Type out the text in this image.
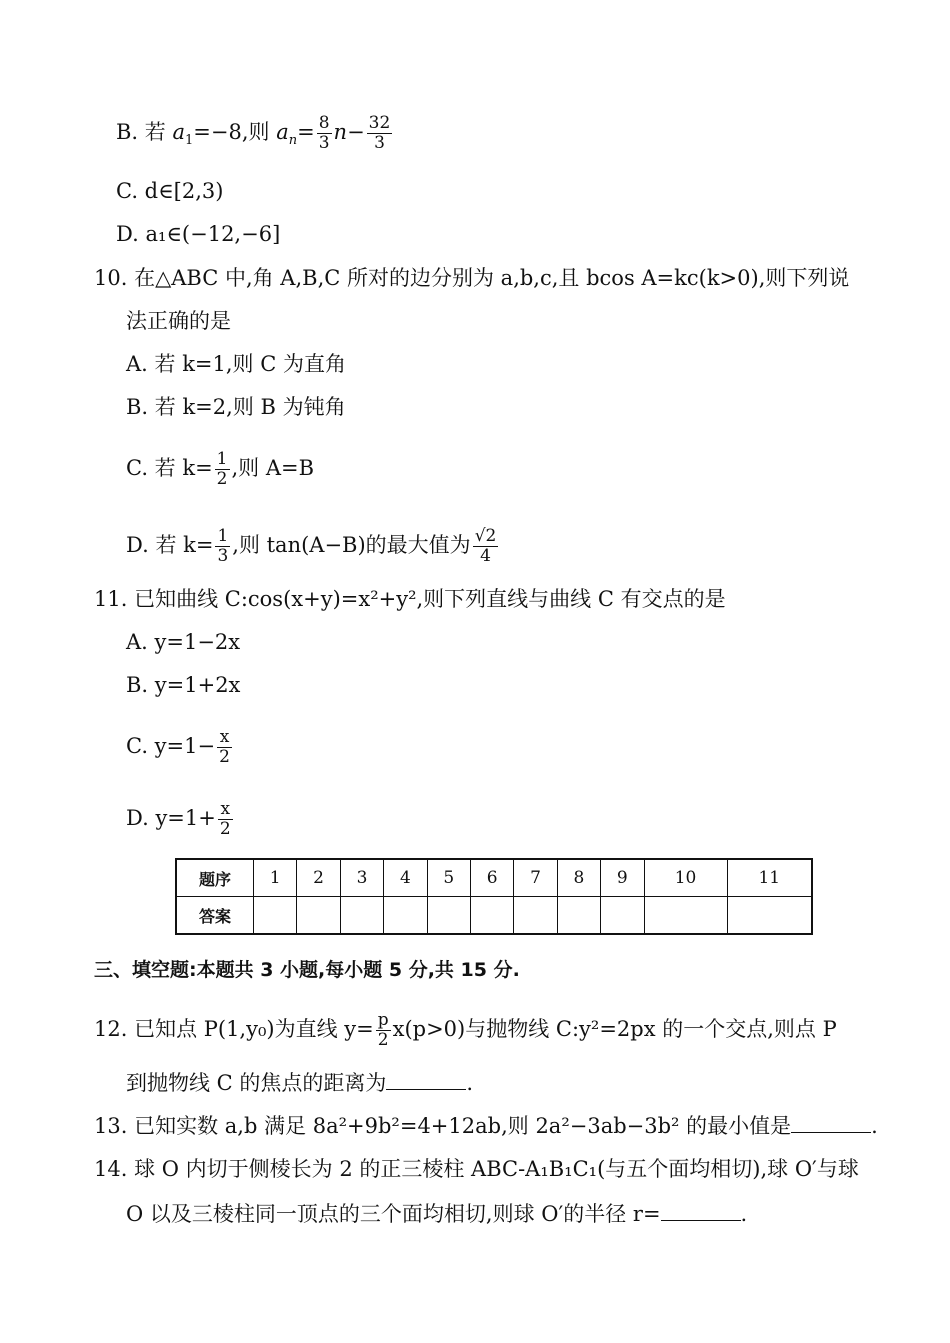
B. 若 $a_1=-8$,则 $a_n= \frac{8}{3} n- \frac{32}{3}$
C. d∈[2,3)
D. a₁∈(−12,−6]
10. 在△ABC 中,角 A,B,C 所对的边分别为 a,b,c,且 bcos A=kc(k>0),则下列说
法正确的是
A. 若 k=1,则 C 为直角
B. 若 k=2,则 B 为钝角
C. 若 $k= \frac{1}{2}$ ,则 A=B
D. 若 $k= \frac{1}{3}$ ,则 tan(A−B)的最大值为 $\frac{√2}{4}$
11. 已知曲线 C:cos(x+y)=x²+y²,则下列直线与曲线 C 有交点的是
A. y=1−2x
B. y=1+2x
C. $y=1- \frac{x}{2}$
D. $y=1+ \frac{x}{2}$
题序	1	2	3	4	5	6	7	8	9	10	11
答案											
三、填空题:本题共 3 小题,每小题 5 分,共 15 分.
12. 已知点 P(1,y₀)为直线 $y= \frac{p}{2} x(p>0)$与抛物线 C:y²=2px 的一个交点,则点 P
到抛物线 C 的焦点的距离为	.
13. 已知实数 a,b 满足 8a²+9b²=4+12ab,则 2a²−3ab−3b² 的最小值是	.
14. 球 O 内切于侧棱长为 2 的正三棱柱 ABC-A₁B₁C₁(与五个面均相切),球 O′与球
O 以及三棱柱同一顶点的三个面均相切,则球 O′的半径 r=	.
